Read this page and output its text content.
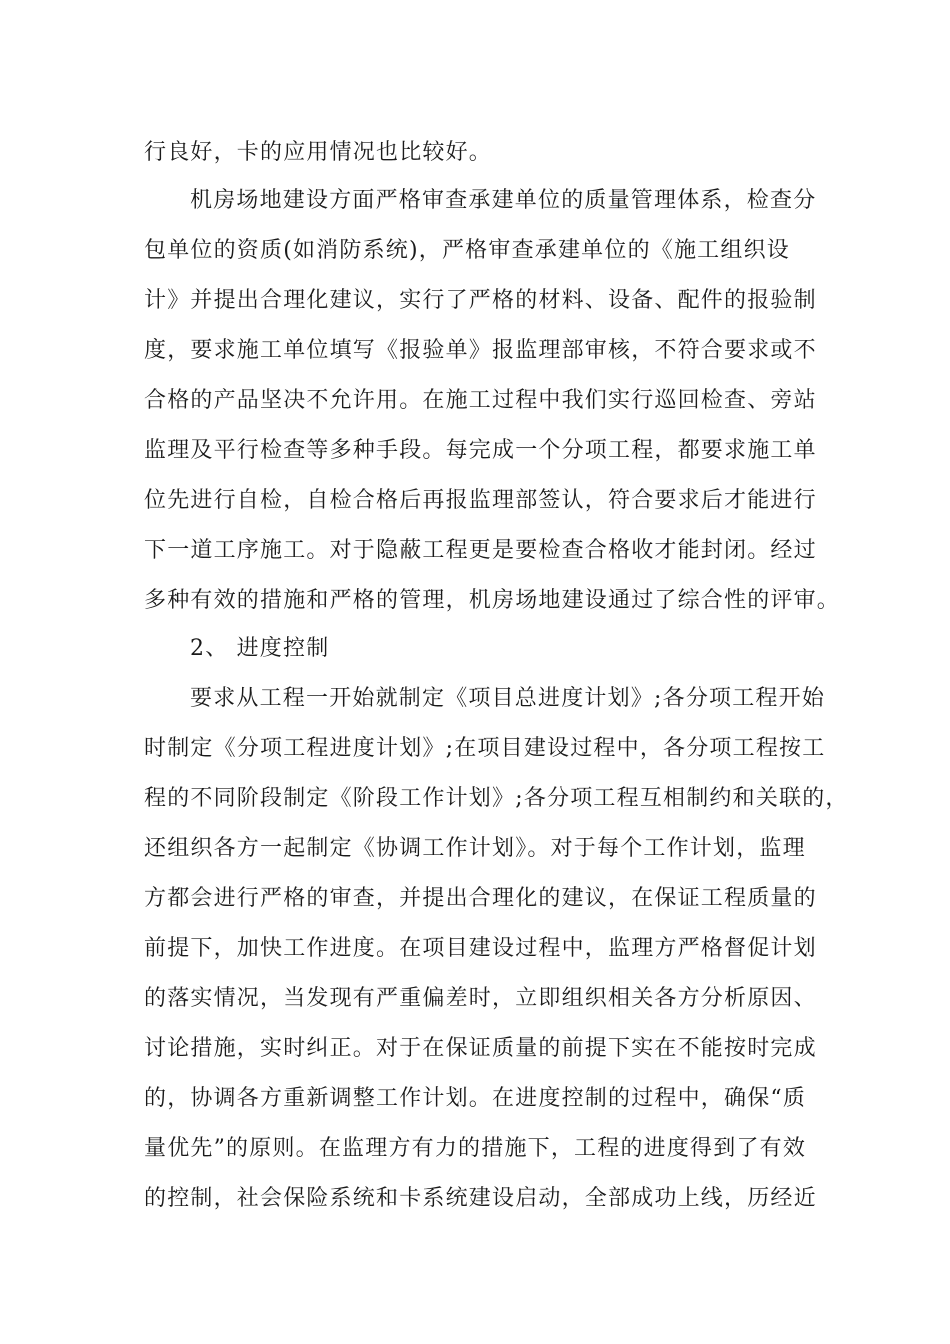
行良好，卡的应用情况也比较好。
机房场地建设方面严格审查承建单位的质量管理体系，检查分
包单位的资质(如消防系统)，严格审查承建单位的《施工组织设
计》并提出合理化建议，实行了严格的材料、设备、配件的报验制
度，要求施工单位填写《报验单》报监理部审核，不符合要求或不
合格的产品坚决不允许用。在施工过程中我们实行巡回检查、旁站
监理及平行检查等多种手段。每完成一个分项工程，都要求施工单
位先进行自检，自检合格后再报监理部签认，符合要求后才能进行
下一道工序施工。对于隐蔽工程更是要检查合格收才能封闭。经过
多种有效的措施和严格的管理，机房场地建设通过了综合性的评审。
2、 进度控制
要求从工程一开始就制定《项目总进度计划》;各分项工程开始
时制定《分项工程进度计划》;在项目建设过程中，各分项工程按工
程的不同阶段制定《阶段工作计划》;各分项工程互相制约和关联的，
还组织各方一起制定《协调工作计划》。对于每个工作计划，监理
方都会进行严格的审查，并提出合理化的建议，在保证工程质量的
前提下，加快工作进度。在项目建设过程中，监理方严格督促计划
的落实情况，当发现有严重偏差时，立即组织相关各方分析原因、
讨论措施，实时纠正。对于在保证质量的前提下实在不能按时完成
的，协调各方重新调整工作计划。在进度控制的过程中，确保“质
量优先”的原则。在监理方有力的措施下，工程的进度得到了有效
的控制，社会保险系统和卡系统建设启动，全部成功上线，历经近
